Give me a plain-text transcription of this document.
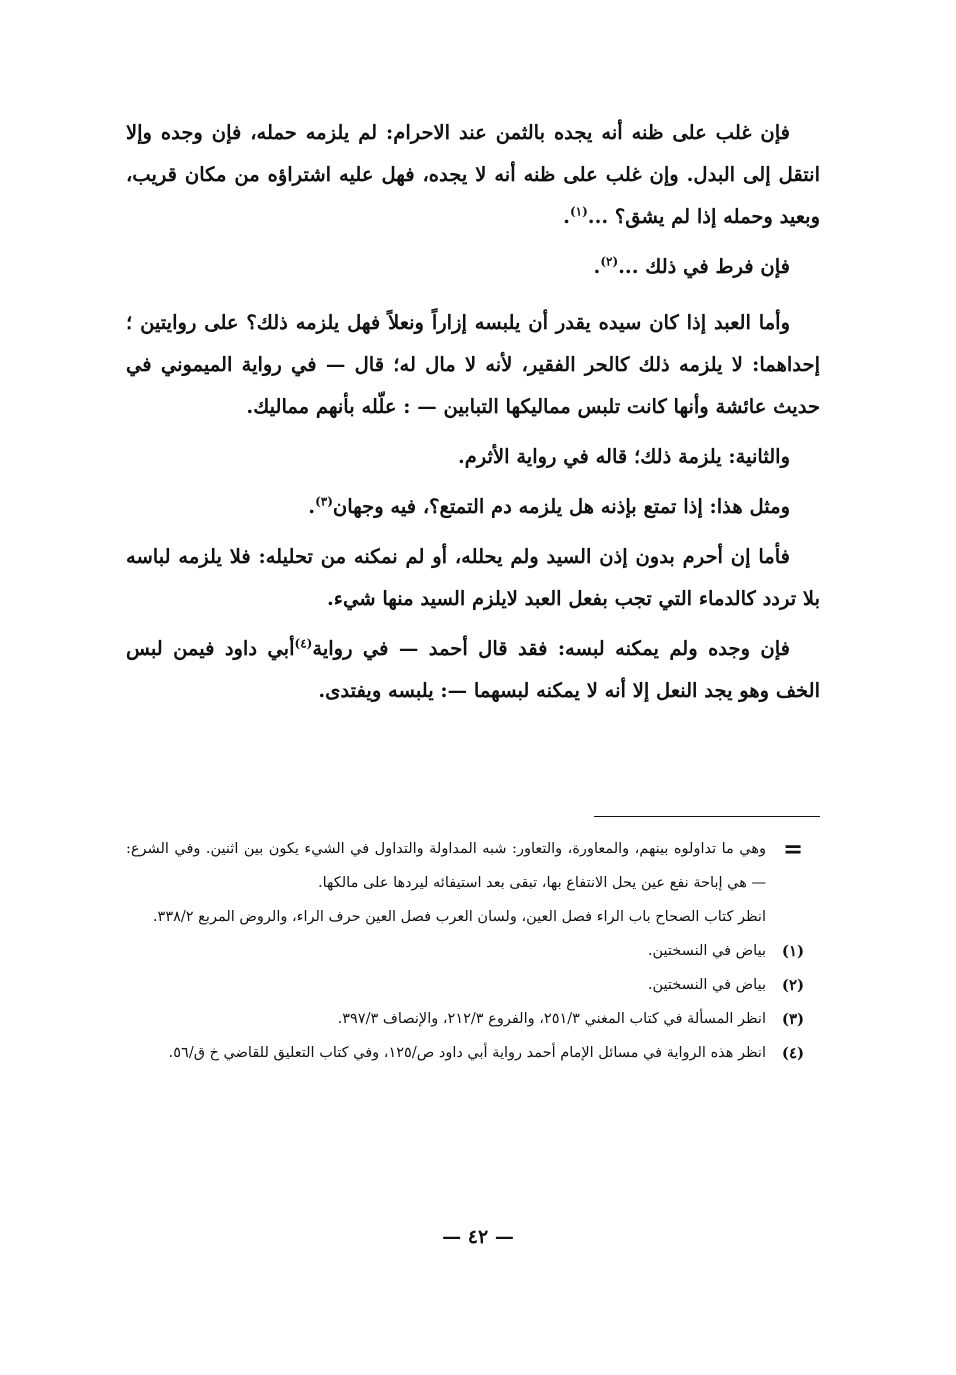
فإن غلب على ظنه أنه يجده بالثمن عند الاحرام: لم يلزمه حمله، فإن وجده وإلا انتقل إلى البدل. وإن غلب على ظنه أنه لا يجده، فهل عليه اشتراؤه من مكان قريب، وبعيد وحمله إذا لم يشق؟ ...$^{(١)}$.

فإن فرط في ذلك ...$^{(٢)}$.

وأما العبد إذا كان سيده يقدر أن يلبسه إزاراً ونعلاً فهل يلزمه ذلك؟ على روايتين ؛ إحداهما: لا يلزمه ذلك كالحر الفقير، لأنه لا مال له؛ قال — في رواية الميموني في حديث عائشة وأنها كانت تلبس مماليكها التبابين — : علّله بأنهم مماليك.

والثانية: يلزمة ذلك؛ قاله في رواية الأثرم.

ومثل هذا: إذا تمتع بإذنه هل يلزمه دم التمتع؟، فيه وجهان$^{(٣)}$.

فأما إن أحرم بدون إذن السيد ولم يحلله، أو لم نمكنه من تحليله: فلا يلزمه لباسه بلا تردد كالدماء التي تجب بفعل العبد لايلزم السيد منها شيء.

فإن وجده ولم يمكنه لبسه: فقد قال أحمد — في رواية$^{(٤)}$أبي داود فيمن لبس الخف وهو يجد النعل إلا أنه لا يمكنه لبسهما —: يلبسه ويفتدى.

=
وهي ما تداولوه بينهم، والمعاورة، والتعاور: شبه المداولة والتداول في الشيء يكون بين اثنين. وفي الشرع:— هي إباحة نفع عين يحل الانتفاع بها، تبقى بعد استيفائه ليردها على مالكها.
انظر كتاب الصحاح باب الراء فصل العين، ولسان العرب فصل العين حرف الراء، والروض المربع ٣٣٨/٢.
(١)
بياض في النسختين.
(٢)
بياض في النسختين.
(٣)
انظر المسألة في كتاب المغني ٢٥١/٣، والفروع ٢١٢/٣، والإنصاف ٣٩٧/٣.
(٤)
انظر هذه الرواية في مسائل الإمام أحمد رواية أبي داود ص/١٢٥، وفي كتاب التعليق للقاضي خ ق/٥٦.
— ٤٢ —
